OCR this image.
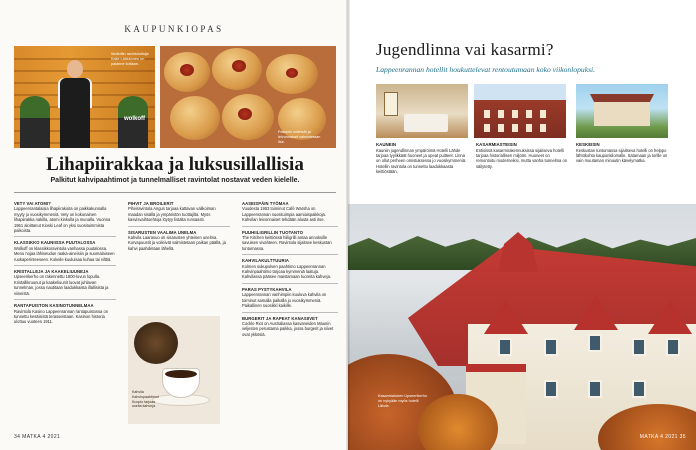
KAUPUNKIOPAS
wolkoff
Wolfoffin ravintoloitsija Kalle Lääkkönen on palanne kotiaan.
Pastarin voileivät ja leivonnaiset valmistetaan itse.
Lihapiirakkaa ja luksusillallisia
Palkitut kahvipaahtimot ja tunnelmalliset ravintolat nostavat veden kielelle.
VETY VAI ATOMI?

Lappeenrantalaisia lihapiirakoita on paikkakunnalla myyty jo vuosikymmeniä. Vety on kokonainen lihapiirakka nakilla, atomi kinkulla ja munalla. Vuonna 1961 aloittanut Kioski Leaf on yksi suosituimmista paikoista.

KLASSIKKO KAUNIISSA PUUTALOSSA

Wolkoff on klassikkoravintola vanhassa puutalossa. Menu nojaa lähiseudun raaka-aineisiin ja suomalaiseen ruokaperinteeseen. Kokeile kuuluisaa kuhaa tai vilttiä.

KRISTALLEJA JA KAAKELIUUNEJA

Upseerikerho on rakennettu 1800-luvun lopulla. Kristallikruunut ja kaakeliuunit luovat juhlavan tunnelman, jossa nautitaan laadukkaista illallisista ja viineistä.

RANTAPUISTON KASINOTUNNELMAA

Ravintola Kasino Lappeenrannan rantapuistossa on tunnettu kesäisistä terasseistaan. Kasinon historia ulottuu vuoteen 1911.

PIHVIT JA BROILERIT

Pihviravintola Angus tarjoaa kattavan valikoiman maadan sisällä ja ympäristön tuottajilta. Myös kasvisvaihtoehtoja löytyy listalta runsaasti.

SISARUSTEN VAALIMA UNELMA

Kahvila Laarasuo on sisarusten yhteinen unelma. Korvapuustit ja voileivät valmistetaan paikan päällä, ja kahvi paahdetaan lähellä.

AASEISPÄIN TYÖMAA

Vuodesta 1953 toiminut Café Warsha on Lappeenrannan suosituimpia aamiaispaikkoja. Kahvilan leivonnaiset tehdään alusta asti itse.

PUUHIILIGRILLIN TUOTANTO

The Kitchen keittiössä hiiligrilli antaa annoksille savuisen vivahteen. Ravintola sijaitsee keskustan tuntumassa.

KAHVILAKULTTUURIA

Kolmen sukupolven paahtimo Lappeenrannan Kahvinpaahtimo tarjoaa kymmeniä laatuja. Kahvilassa pääsee maistamaan tuoreita kahveja.

PARAS PYSTYKAHVILA

Lappeenrannan vanhimpiin kuuluva kahvila on toiminut samalla paikalla jo vuosikymmeniä. Paikallinen suosikki kaikille.

BURGERIT JA RAPEAT KANASIIVET

Cockle Riot on Australiassa kasvaneiden Maunin veljesten perustama paikka, jossa burgerit ja siivet ovat ykkösiä.

Kahvila Kahvinpaahtimot Kuopio tarjoaa useita kahveja.
34 MATKA 4 2021
Jugendlinna vai kasarmi?
Lappeenrannan hotellit houkuttelevat rentoutumaan koko viikonlopuksi.
KAUNEIN

Kauniin jugendlinnan ympäröimä Hotelli Lähde tarjoaa tyylikkäät huoneet ja upeat puitteet. Linna on ollut perheen omistuksessa jo vuosikymmeniä. Hotellin ravintola on tunnettu laadukkaasta keittiöstään.

KASARMIASTEISIN

Entisissä kasarmirakennuksissa sijaitseva hotelli tarjoaa historiallisen miljöön. Huoneet on remontoitu moderneiksi, mutta vanha tunnelma on säilytetty.

KESKEISIN

Keskustan tuntumassa sijaitseva hotelli on helppo lähtökohta kaupunkilomalle. Satamaan ja torille on vain muutaman minuutin kävelymatka.

Kasarmialueen Upseerikerho on nykyään myös hotelli Lähde.
MATKA 4 2021 35
